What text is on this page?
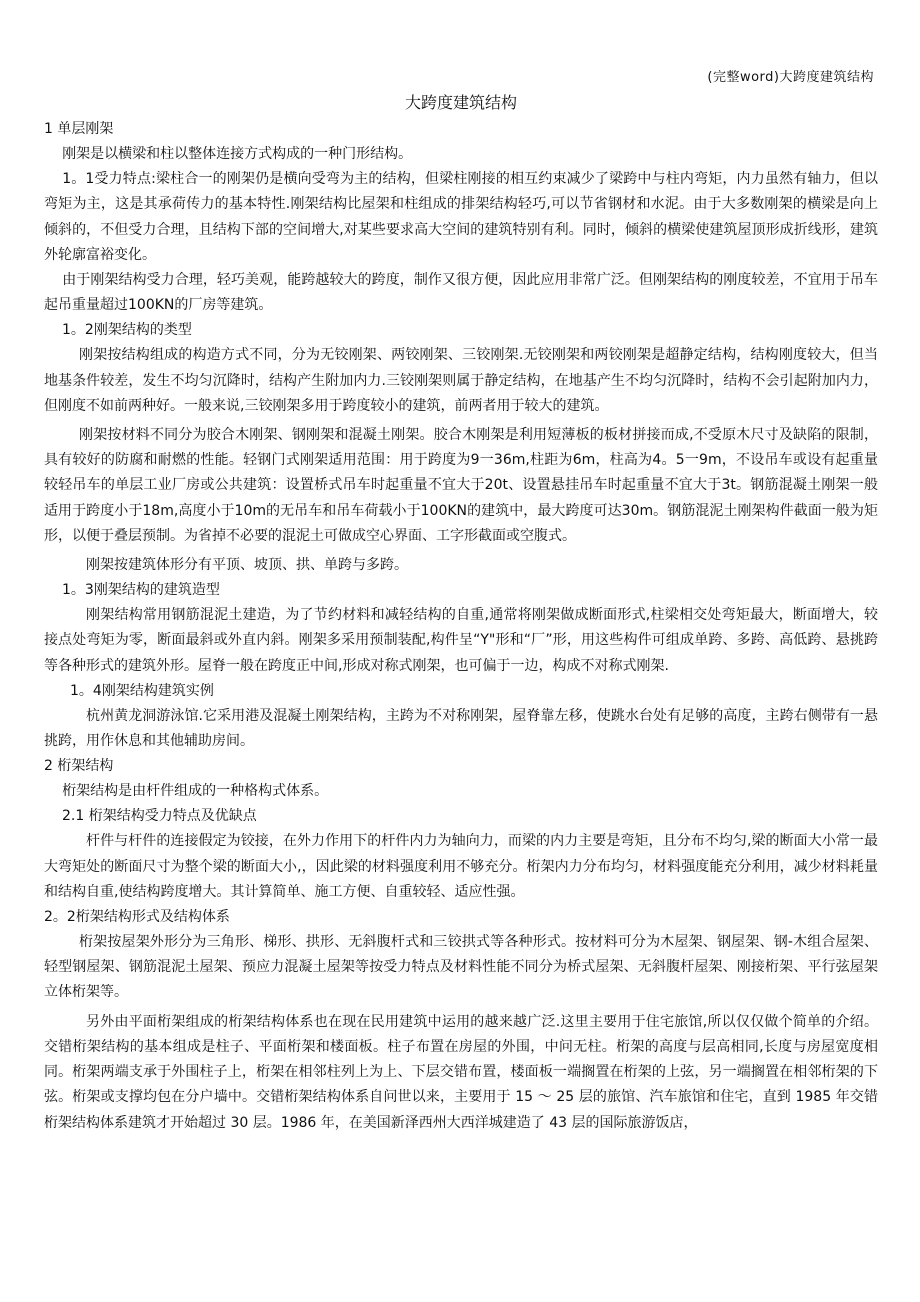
(完整word)大跨度建筑结构
大跨度建筑结构
1 单层刚架

刚架是以横梁和柱以整体连接方式构成的一种门形结构。

1。1受力特点:梁柱合一的刚架仍是横向受弯为主的结构，但梁柱刚接的相互约束减少了梁跨中与柱内弯矩，内力虽然有轴力，但以弯矩为主，这是其承荷传力的基本特性.刚架结构比屋架和柱组成的排架结构轻巧,可以节省钢材和水泥。由于大多数刚架的横梁是向上倾斜的，不但受力合理，且结构下部的空间增大,对某些要求高大空间的建筑特别有利。同时，倾斜的横梁使建筑屋顶形成折线形，建筑外轮廓富裕变化。

由于刚架结构受力合理，轻巧美观，能跨越较大的跨度，制作又很方便，因此应用非常广泛。但刚架结构的刚度较差，不宜用于吊车起吊重量超过100KN的厂房等建筑。

1。2刚架结构的类型

刚架按结构组成的构造方式不同，分为无铰刚架、两铰刚架、三铰刚架.无铰刚架和两铰刚架是超静定结构，结构刚度较大，但当地基条件较差，发生不均匀沉降时，结构产生附加内力.三铰刚架则属于静定结构，在地基产生不均匀沉降时，结构不会引起附加内力，但刚度不如前两种好。一般来说,三铰刚架多用于跨度较小的建筑，前两者用于较大的建筑。

刚架按材料不同分为胶合木刚架、钢刚架和混凝土刚架。胶合木刚架是利用短薄板的板材拼接而成,不受原木尺寸及缺陷的限制，具有较好的防腐和耐燃的性能。轻钢门式刚架适用范围：用于跨度为9一36m,柱距为6m，柱高为4。5一9m，不设吊车或设有起重量较轻吊车的单层工业厂房或公共建筑：设置桥式吊车时起重量不宜大于20t、设置悬挂吊车时起重量不宜大于3t。钢筋混凝土刚架一般适用于跨度小于18m,高度小于10m的无吊车和吊车荷载小于100KN的建筑中，最大跨度可达30m。钢筋混泥土刚架构件截面一般为矩形，以便于叠层预制。为省掉不必要的混泥土可做成空心界面、工字形截面或空腹式。

刚架按建筑体形分有平顶、坡顶、拱、单跨与多跨。

1。3刚架结构的建筑造型

刚架结构常用钢筋混泥土建造，为了节约材料和减轻结构的自重,通常将刚架做成断面形式,柱梁相交处弯矩最大，断面增大，较接点处弯矩为零，断面最斜或外直内斜。刚架多采用预制装配,构件呈“Y"形和“厂”形，用这些构件可组成单跨、多跨、高低跨、悬挑跨等各种形式的建筑外形。屋脊一般在跨度正中间,形成对称式刚架，也可偏于一边，构成不对称式刚架.

1。4刚架结构建筑实例

杭州黄龙洞游泳馆.它采用港及混凝土刚架结构，主跨为不对称刚架，屋脊靠左移，使跳水台处有足够的高度，主跨右侧带有一悬挑跨，用作休息和其他辅助房间。

2 桁架结构

桁架结构是由杆件组成的一种格构式体系。

2.1 桁架结构受力特点及优缺点

杆件与杆件的连接假定为铰接，在外力作用下的杆件内力为轴向力，而梁的内力主要是弯矩，且分布不均匀,梁的断面大小常一最大弯矩处的断面尺寸为整个梁的断面大小,，因此梁的材料强度利用不够充分。桁架内力分布均匀，材料强度能充分利用，减少材料耗量和结构自重,使结构跨度增大。其计算简单、施工方便、自重较轻、适应性强。

2。2桁架结构形式及结构体系

桁架按屋架外形分为三角形、梯形、拱形、无斜腹杆式和三铰拱式等各种形式。按材料可分为木屋架、钢屋架、钢-木组合屋架、轻型钢屋架、钢筋混泥土屋架、预应力混凝土屋架等按受力特点及材料性能不同分为桥式屋架、无斜腹杆屋架、刚接桁架、平行弦屋架立体桁架等。

另外由平面桁架组成的桁架结构体系也在现在民用建筑中运用的越来越广泛.这里主要用于住宅旅馆,所以仅仅做个简单的介绍。交错桁架结构的基本组成是柱子、平面桁架和楼面板。柱子布置在房屋的外围，中问无柱。桁架的高度与层高相同,长度与房屋宽度相同。桁架两端支承于外围柱子上，桁架在相邻柱列上为上、下层交错布置，楼面板一端搁置在桁架的上弦，另一端搁置在相邻桁架的下弦。桁架或支撑均包在分户墙中。交错桁架结构体系自问世以来，主要用于 15 ～ 25 层的旅馆、汽车旅馆和住宅，直到 1985 年交错桁架结构体系建筑才开始超过 30 层。1986 年，在美国新泽西州大西洋城建造了 43 层的国际旅游饭店，
